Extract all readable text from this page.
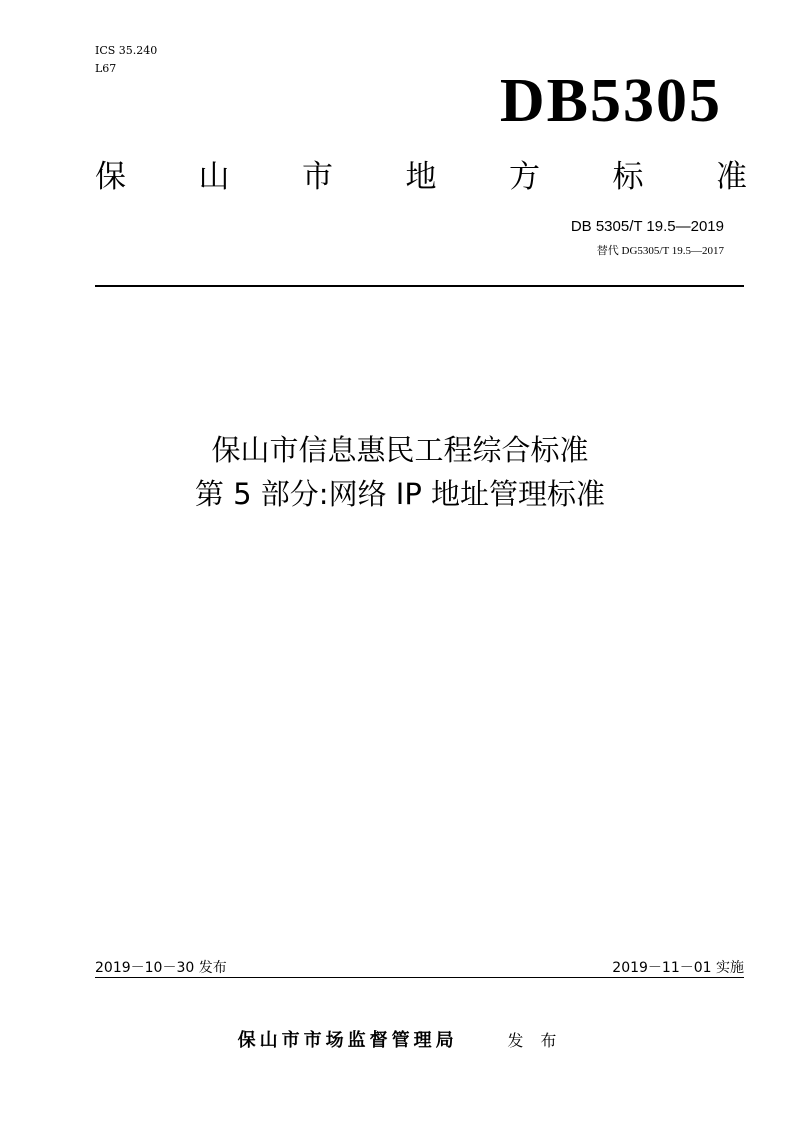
ICS 35.240
L67	DB5305
保 山 市 地 方 标 准
DB 5305/T 19.5—2019
替代 DG5305/T 19.5—2017
保山市信息惠民工程综合标准
第 5 部分:网络 IP 地址管理标准
2019－10－30 发布	2019－11－01 实施
保山市市场监督管理局	发 布
